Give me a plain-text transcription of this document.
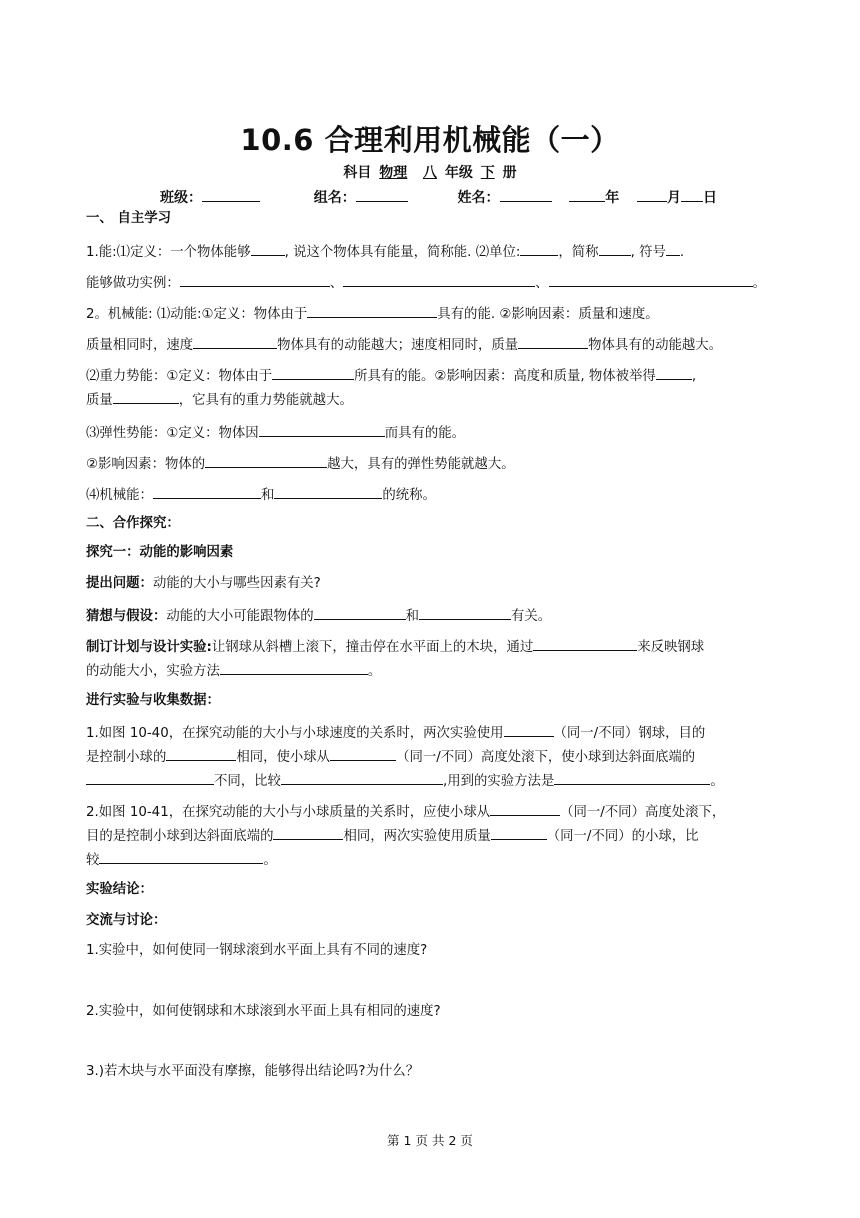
10.6 合理利用机械能（一）
科目 物理 八 年级 下 册
班级：	组名：	姓名：	年	月 日
一、 自主学习
1.能:⑴定义：一个物体能够	, 说这个物体具有能量，简称能. ⑵单位:	，简称 , 符号 .
能够做功实例：	、	、	。
2。机械能: ⑴动能:①定义：物体由于	具有的能. ②影响因素：质量和速度。
质量相同时，速度	物体具有的动能越大；速度相同时，质量	物体具有的动能越大。
⑵重力势能：①定义：物体由于	所具有的能。②影响因素：高度和质量, 物体被举得	,
质量	，它具有的重力势能就越大。
⑶弹性势能：①定义：物体因	而具有的能。
②影响因素：物体的	越大，具有的弹性势能就越大。
⑷机械能：	和	的统称。
二、合作探究：
探究一：动能的影响因素
提出问题：动能的大小与哪些因素有关?
猜想与假设：动能的大小可能跟物体的	和	有关。
制订计划与设计实验:让钢球从斜槽上滚下，撞击停在水平面上的木块，通过	来反映钢球
的动能大小，实验方法	。
进行实验与收集数据：
1.如图 10-40，在探究动能的大小与小球速度的关系时，两次实验使用	（同一/不同）钢球，目的
是控制小球的	相同，使小球从	（同一/不同）高度处滚下，使小球到达斜面底端的
不同，比较	,用到的实验方法是	。
2.如图 10-41，在探究动能的大小与小球质量的关系时，应使小球从	（同一/不同）高度处滚下，
目的是控制小球到达斜面底端的	相同，两次实验使用质量	（同一/不同）的小球，比
较	。
实验结论：
交流与讨论：
1.实验中，如何使同一钢球滚到水平面上具有不同的速度?
2.实验中，如何使钢球和木球滚到水平面上具有相同的速度?
3.)若木块与水平面没有摩擦，能够得出结论吗?为什么？
第 1 页 共 2 页
